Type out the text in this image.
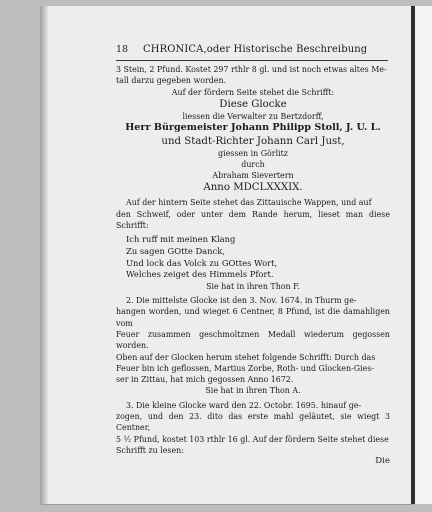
18 CHRONICA,oder Historische Beschreibung

3 Stein, 2 Pfund. Kostet 297 rthlr 8 gl. und ist noch etwas altes Me-

tall darzu gegeben worden.

Auf der fördern Seite stehet die Schrifft:

Diese Glocke

liessen die Verwalter zu Bertzdorff,

Herr Bürgemeister Johann Philipp Stoll, J. U. L.

und Stadt-Richter Johann Carl Just,

giessen in Görlitz

durch

Abraham Sievertern

Anno MDCLXXXIX.

Auf der hintern Seite stehet das Zittauische Wappen, und auf

den Schweif, oder unter dem Rande herum, lieset man diese Schrifft:

Ich ruff mit meinen Klang

Zu sagen GOtte Danck,

Und lock das Volck zu GOttes Wort,

Welches zeiget des Himmels Pfort.

Sie hat in ihren Thon F.

2. Die mittelste Glocke ist den 3. Nov. 1674. in Thurm ge-

hangen worden, und wieget 6 Centner, 8 Pfund, ist die damahligen vom

Feuer zusammen geschmoltznen Medall wiederum gegossen worden.

Oben auf der Glocken herum stehet folgende Schrifft: Durch das

Feuer bin ich geflossen, Martius Zorbe, Roth- und Glocken-Gies-

ser in Zittau, hat mich gegossen Anno 1672.

Sie hat in ihren Thon A.

3. Die kleine Glocke ward den 22. Octobr. 1695. hinauf ge-

zogen, und den 23. dito das erste mahl geläutet, sie wiegt 3 Centner,

5 ½ Pfund, kostet 103 rthlr 16 gl. Auf der fördern Seite stehet diese

Schrifft zu lesen:

Die
